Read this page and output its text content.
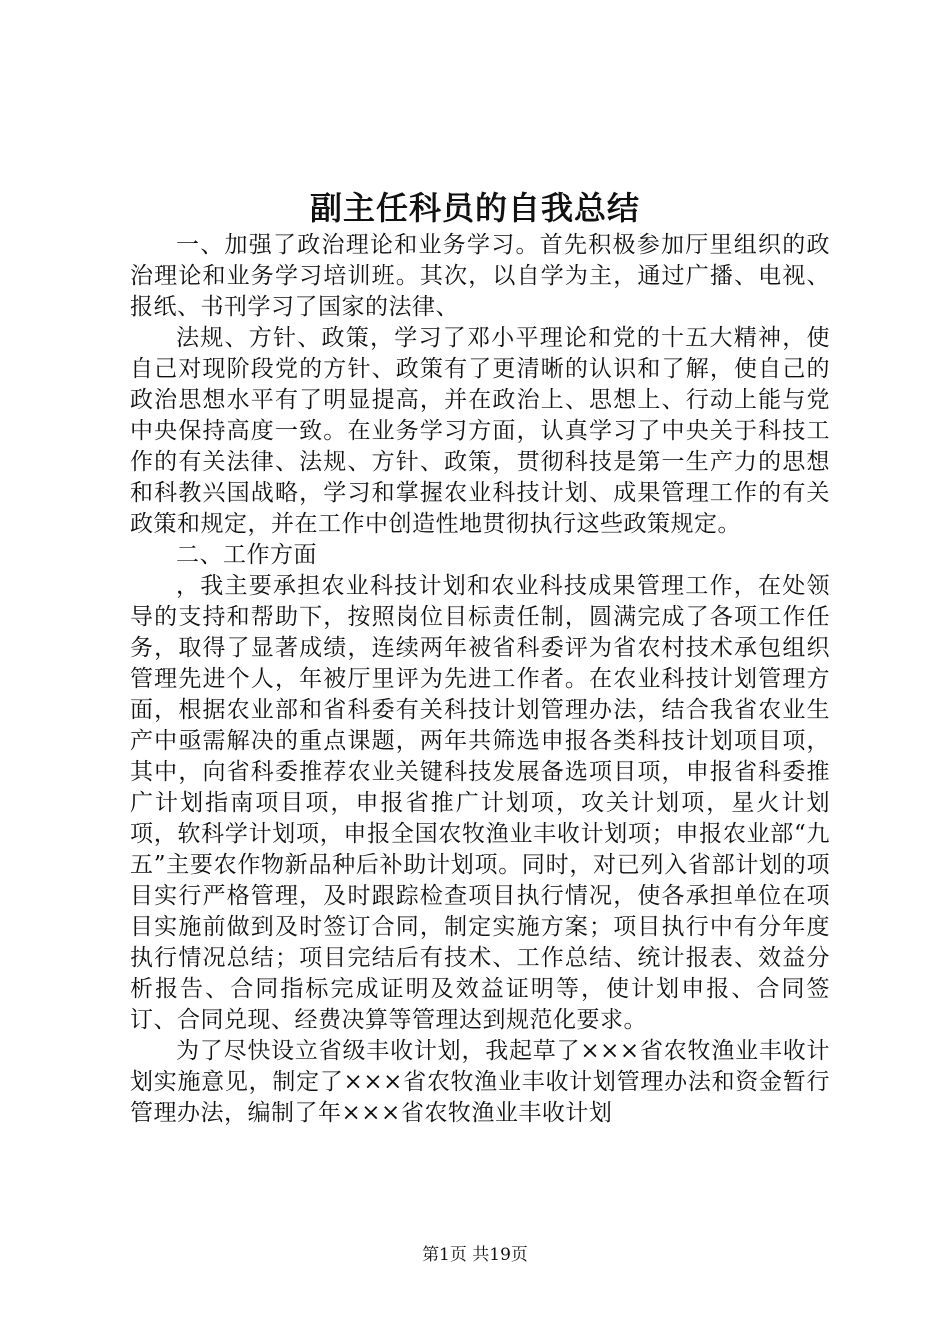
副主任科员的自我总结

一、加强了政治理论和业务学习。首先积极参加厅里组织的政治理论和业务学习培训班。其次，以自学为主，通过广播、电视、报纸、书刊学习了国家的法律、

法规、方针、政策，学习了邓小平理论和党的十五大精神，使自己对现阶段党的方针、政策有了更清晰的认识和了解，使自己的政治思想水平有了明显提高，并在政治上、思想上、行动上能与党中央保持高度一致。在业务学习方面，认真学习了中央关于科技工作的有关法律、法规、方针、政策，贯彻科技是第一生产力的思想和科教兴国战略，学习和掌握农业科技计划、成果管理工作的有关政策和规定，并在工作中创造性地贯彻执行这些政策规定。

二、工作方面

，我主要承担农业科技计划和农业科技成果管理工作，在处领导的支持和帮助下，按照岗位目标责任制，圆满完成了各项工作任务，取得了显著成绩，连续两年被省科委评为省农村技术承包组织管理先进个人，年被厅里评为先进工作者。在农业科技计划管理方面，根据农业部和省科委有关科技计划管理办法，结合我省农业生产中亟需解决的重点课题，两年共筛选申报各类科技计划项目项，其中，向省科委推荐农业关键科技发展备选项目项，申报省科委推广计划指南项目项，申报省推广计划项，攻关计划项，星火计划项，软科学计划项，申报全国农牧渔业丰收计划项；申报农业部“九五”主要农作物新品种后补助计划项。同时，对已列入省部计划的项目实行严格管理，及时跟踪检查项目执行情况，使各承担单位在项目实施前做到及时签订合同，制定实施方案；项目执行中有分年度执行情况总结；项目完结后有技术、工作总结、统计报表、效益分析报告、合同指标完成证明及效益证明等，使计划申报、合同签订、合同兑现、经费决算等管理达到规范化要求。

为了尽快设立省级丰收计划，我起草了×××省农牧渔业丰收计划实施意见，制定了×××省农牧渔业丰收计划管理办法和资金暂行管理办法，编制了年×××省农牧渔业丰收计划

第1页 共19页
